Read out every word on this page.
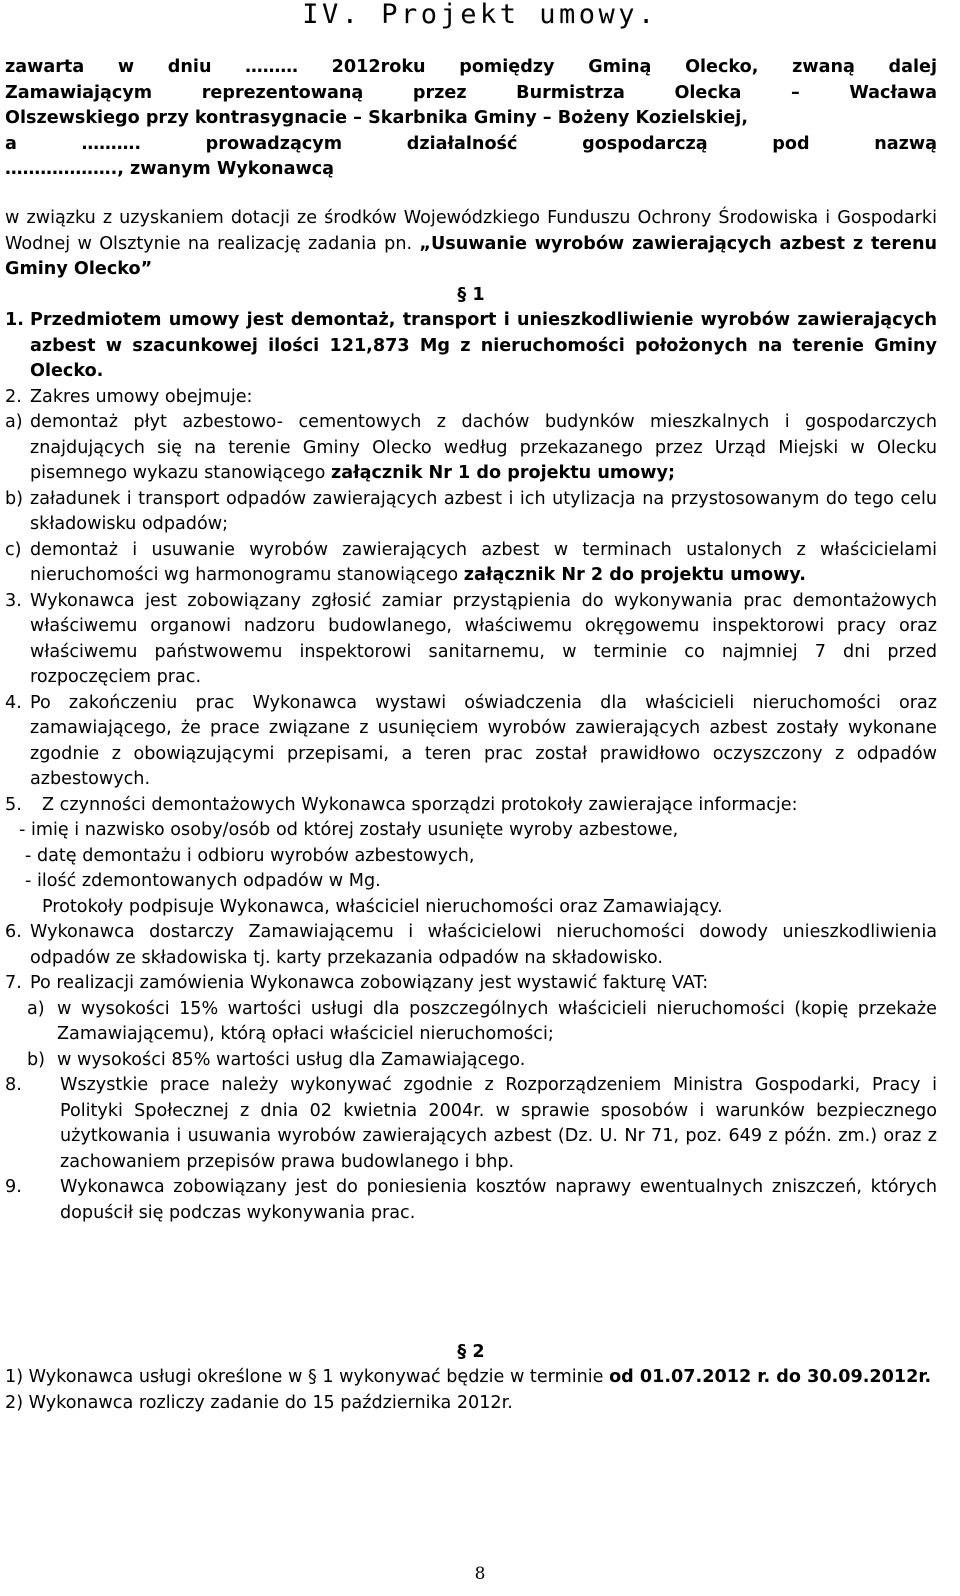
IV. Projekt umowy.
zawarta w dniu ……… 2012roku pomiędzy Gminą Olecko, zwaną dalej
Zamawiającym reprezentowaną przez Burmistrza Olecka – Wacława
Olszewskiego przy kontrasygnacie – Skarbnika Gminy – Bożeny Kozielskiej,
a ………. prowadzącym działalność gospodarczą pod nazwą
………………., zwanym Wykonawcą
w związku z uzyskaniem dotacji ze środków Wojewódzkiego Funduszu Ochrony Środowiska i Gospodarki Wodnej w Olsztynie na realizację zadania pn. „Usuwanie wyrobów zawierających azbest z terenu Gminy Olecko”
§ 1
1. Przedmiotem umowy jest demontaż, transport i unieszkodliwienie wyrobów zawierających azbest w szacunkowej ilości 121,873 Mg z nieruchomości położonych na terenie Gminy Olecko.
2. Zakres umowy obejmuje:
a) demontaż płyt azbestowo- cementowych z dachów budynków mieszkalnych i gospodarczych znajdujących się na terenie Gminy Olecko według przekazanego przez Urząd Miejski w Olecku pisemnego wykazu stanowiącego załącznik Nr 1 do projektu umowy;
b) załadunek i transport odpadów zawierających azbest i ich utylizacja na przystosowanym do tego celu składowisku odpadów;
c) demontaż i usuwanie wyrobów zawierających azbest w terminach ustalonych z właścicielami nieruchomości wg harmonogramu stanowiącego załącznik Nr 2 do projektu umowy.
3. Wykonawca jest zobowiązany zgłosić zamiar przystąpienia do wykonywania prac demontażowych właściwemu organowi nadzoru budowlanego, właściwemu okręgowemu inspektorowi pracy oraz właściwemu państwowemu inspektorowi sanitarnemu, w terminie co najmniej 7 dni przed rozpoczęciem prac.
4. Po zakończeniu prac Wykonawca wystawi oświadczenia dla właścicieli nieruchomości oraz zamawiającego, że prace związane z usunięciem wyrobów zawierających azbest zostały wykonane zgodnie z obowiązującymi przepisami, a teren prac został prawidłowo oczyszczony z odpadów azbestowych.
5. Z czynności demontażowych Wykonawca sporządzi protokoły zawierające informacje:
- imię i nazwisko osoby/osób od której zostały usunięte wyroby azbestowe,
- datę demontażu i odbioru wyrobów azbestowych,
- ilość zdemontowanych odpadów w Mg.
Protokoły podpisuje Wykonawca, właściciel nieruchomości oraz Zamawiający.
6. Wykonawca dostarczy Zamawiającemu i właścicielowi nieruchomości dowody unieszkodliwienia odpadów ze składowiska tj. karty przekazania odpadów na składowisko.
7. Po realizacji zamówienia Wykonawca zobowiązany jest wystawić fakturę VAT:
a) w wysokości 15% wartości usługi dla poszczególnych właścicieli nieruchomości (kopię przekaże Zamawiającemu), którą opłaci właściciel nieruchomości;
b) w wysokości 85% wartości usług dla Zamawiającego.
8. Wszystkie prace należy wykonywać zgodnie z Rozporządzeniem Ministra Gospodarki, Pracy i Polityki Społecznej z dnia 02 kwietnia 2004r. w sprawie sposobów i warunków bezpiecznego użytkowania i usuwania wyrobów zawierających azbest (Dz. U. Nr 71, poz. 649 z późn. zm.) oraz z zachowaniem przepisów prawa budowlanego i bhp.
9. Wykonawca zobowiązany jest do poniesienia kosztów naprawy ewentualnych zniszczeń, których dopuścił się podczas wykonywania prac.
§ 2
1) Wykonawca usługi określone w § 1 wykonywać będzie w terminie od 01.07.2012 r. do 30.09.2012r.
2) Wykonawca rozliczy zadanie do 15 października 2012r.
8
